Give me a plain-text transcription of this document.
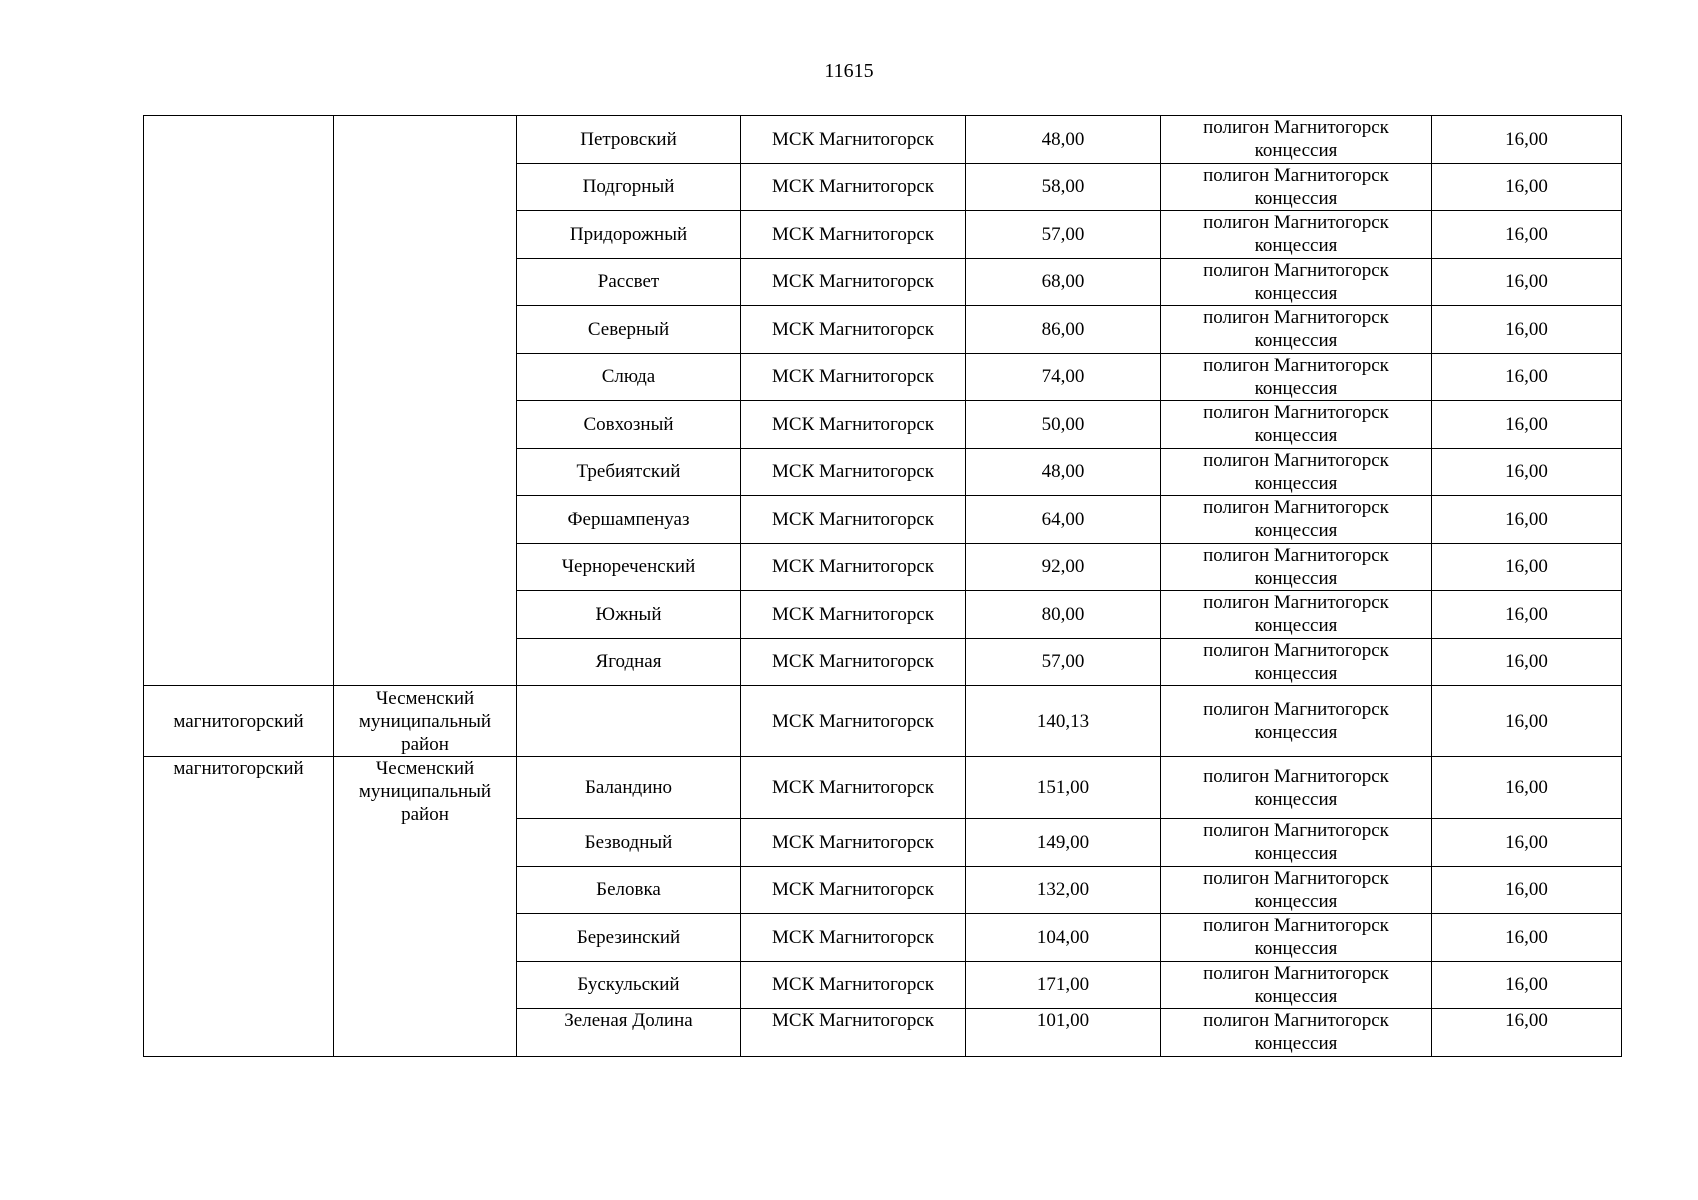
11615
		Петровский	МСК Магнитогорск	48,00	полигон Магнитогорск концессия	16,00
		Подгорный	МСК Магнитогорск	58,00	полигон Магнитогорск концессия	16,00
		Придорожный	МСК Магнитогорск	57,00	полигон Магнитогорск концессия	16,00
		Рассвет	МСК Магнитогорск	68,00	полигон Магнитогорск концессия	16,00
		Северный	МСК Магнитогорск	86,00	полигон Магнитогорск концессия	16,00
		Слюда	МСК Магнитогорск	74,00	полигон Магнитогорск концессия	16,00
		Совхозный	МСК Магнитогорск	50,00	полигон Магнитогорск концессия	16,00
		Требиятский	МСК Магнитогорск	48,00	полигон Магнитогорск концессия	16,00
		Фершампенуаз	МСК Магнитогорск	64,00	полигон Магнитогорск концессия	16,00
		Чернореченский	МСК Магнитогорск	92,00	полигон Магнитогорск концессия	16,00
		Южный	МСК Магнитогорск	80,00	полигон Магнитогорск концессия	16,00
		Ягодная	МСК Магнитогорск	57,00	полигон Магнитогорск концессия	16,00
магнитогорский	Чесменский муниципальный район		МСК Магнитогорск	140,13	полигон Магнитогорск концессия	16,00
магнитогорский	Чесменский муниципальный район	Баландино	МСК Магнитогорск	151,00	полигон Магнитогорск концессия	16,00
		Безводный	МСК Магнитогорск	149,00	полигон Магнитогорск концессия	16,00
		Беловка	МСК Магнитогорск	132,00	полигон Магнитогорск концессия	16,00
		Березинский	МСК Магнитогорск	104,00	полигон Магнитогорск концессия	16,00
		Бускульский	МСК Магнитогорск	171,00	полигон Магнитогорск концессия	16,00
		Зеленая Долина	МСК Магнитогорск	101,00	полигон Магнитогорск концессия	16,00
